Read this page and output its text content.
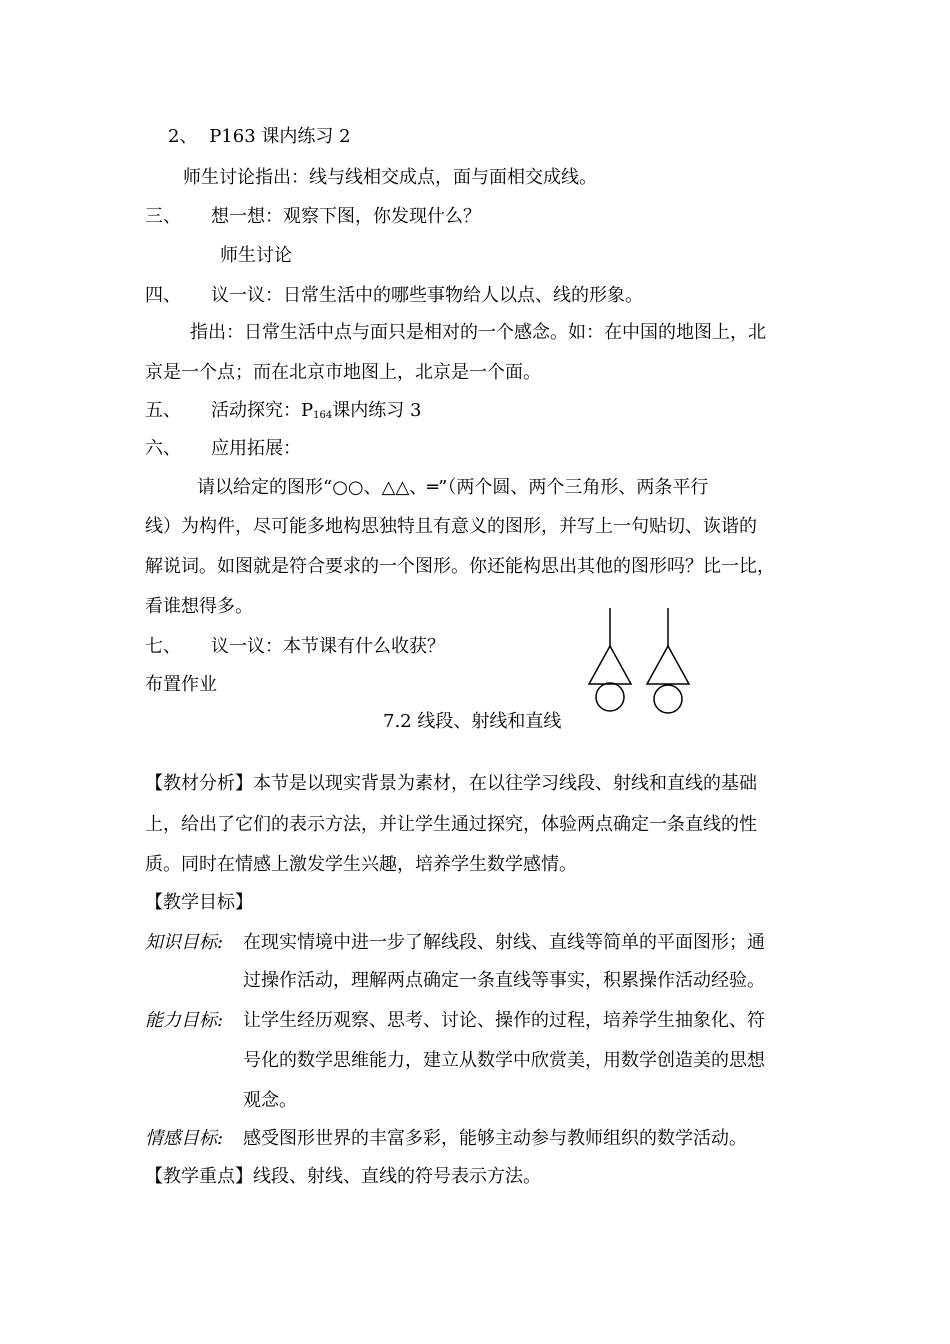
2、 P163 课内练习 2
师生讨论指出：线与线相交成点，面与面相交成线。
三、 想一想：观察下图，你发现什么？
师生讨论
四、 议一议：日常生活中的哪些事物给人以点、线的形象。
指出：日常生活中点与面只是相对的一个感念。如：在中国的地图上，北
京是一个点；而在北京市地图上，北京是一个面。
五、 活动探究：$P_{164}$课内练习 3
六、 应用拓展：
请以给定的图形“○○、△△、═”（两个圆、两个三角形、两条平行
线）为构件，尽可能多地构思独特且有意义的图形，并写上一句贴切、诙谐的
解说词。如图就是符合要求的一个图形。你还能构思出其他的图形吗？比一比，
看谁想得多。
七、 议一议：本节课有什么收获？
布置作业
7.2 线段、射线和直线
【教材分析】本节是以现实背景为素材，在以往学习线段、射线和直线的基础
上，给出了它们的表示方法，并让学生通过探究，体验两点确定一条直线的性
质。同时在情感上激发学生兴趣，培养学生数学感情。
【教学目标】
知识目标: 在现实情境中进一步了解线段、射线、直线等简单的平面图形；通
过操作活动，理解两点确定一条直线等事实，积累操作活动经验。
能力目标: 让学生经历观察、思考、讨论、操作的过程，培养学生抽象化、符
号化的数学思维能力，建立从数学中欣赏美，用数学创造美的思想
观念。
情感目标: 感受图形世界的丰富多彩，能够主动参与教师组织的数学活动。
【教学重点】线段、射线、直线的符号表示方法。
